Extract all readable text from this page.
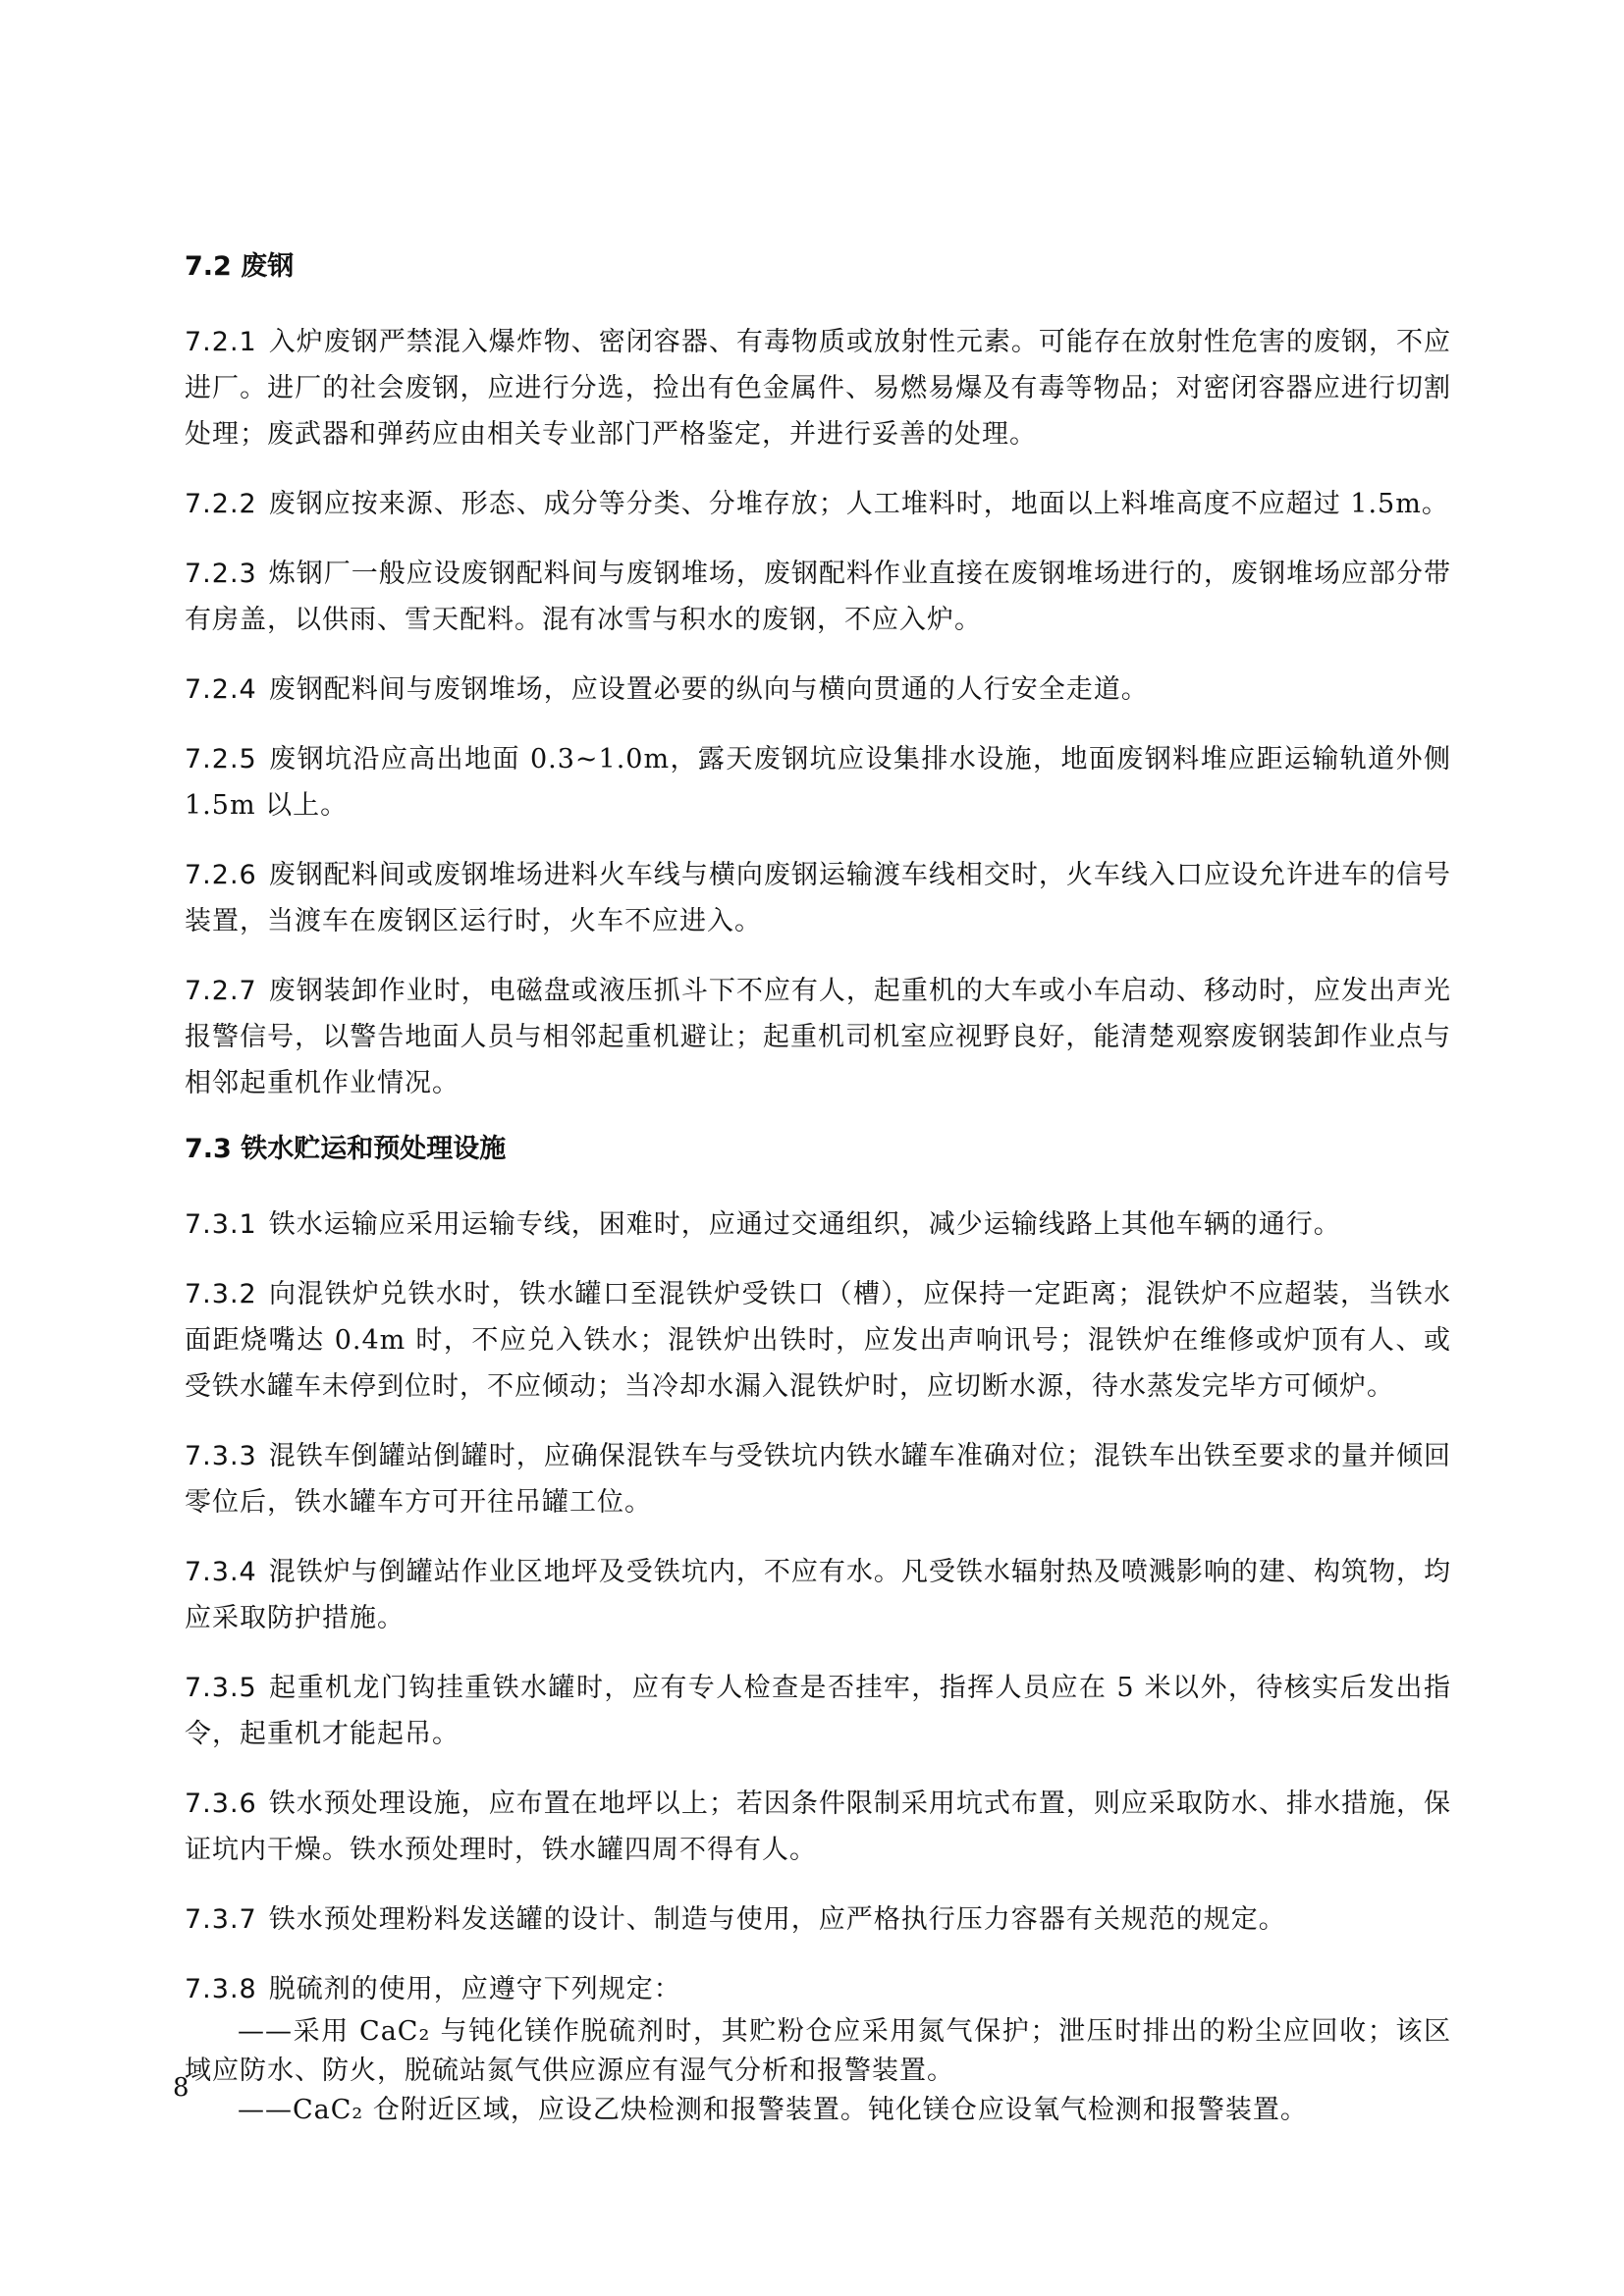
7.2 废钢

7.2.1 入炉废钢严禁混入爆炸物、密闭容器、有毒物质或放射性元素。可能存在放射性危害的废钢，不应进厂。进厂的社会废钢，应进行分选，捡出有色金属件、易燃易爆及有毒等物品；对密闭容器应进行切割处理；废武器和弹药应由相关专业部门严格鉴定，并进行妥善的处理。

7.2.2 废钢应按来源、形态、成分等分类、分堆存放；人工堆料时，地面以上料堆高度不应超过 1.5m。

7.2.3 炼钢厂一般应设废钢配料间与废钢堆场，废钢配料作业直接在废钢堆场进行的，废钢堆场应部分带有房盖，以供雨、雪天配料。混有冰雪与积水的废钢，不应入炉。

7.2.4 废钢配料间与废钢堆场，应设置必要的纵向与横向贯通的人行安全走道。

7.2.5 废钢坑沿应高出地面 0.3~1.0m，露天废钢坑应设集排水设施，地面废钢料堆应距运输轨道外侧 1.5m 以上。

7.2.6 废钢配料间或废钢堆场进料火车线与横向废钢运输渡车线相交时，火车线入口应设允许进车的信号装置，当渡车在废钢区运行时，火车不应进入。

7.2.7 废钢装卸作业时，电磁盘或液压抓斗下不应有人，起重机的大车或小车启动、移动时，应发出声光报警信号，以警告地面人员与相邻起重机避让；起重机司机室应视野良好，能清楚观察废钢装卸作业点与相邻起重机作业情况。

7.3 铁水贮运和预处理设施

7.3.1 铁水运输应采用运输专线，困难时，应通过交通组织，减少运输线路上其他车辆的通行。

7.3.2 向混铁炉兑铁水时，铁水罐口至混铁炉受铁口（槽），应保持一定距离；混铁炉不应超装，当铁水面距烧嘴达 0.4m 时，不应兑入铁水；混铁炉出铁时，应发出声响讯号；混铁炉在维修或炉顶有人、或受铁水罐车未停到位时，不应倾动；当冷却水漏入混铁炉时，应切断水源，待水蒸发完毕方可倾炉。

7.3.3 混铁车倒罐站倒罐时，应确保混铁车与受铁坑内铁水罐车准确对位；混铁车出铁至要求的量并倾回零位后，铁水罐车方可开往吊罐工位。

7.3.4 混铁炉与倒罐站作业区地坪及受铁坑内，不应有水。凡受铁水辐射热及喷溅影响的建、构筑物，均应采取防护措施。

7.3.5 起重机龙门钩挂重铁水罐时，应有专人检查是否挂牢，指挥人员应在 5 米以外，待核实后发出指令，起重机才能起吊。

7.3.6 铁水预处理设施，应布置在地坪以上；若因条件限制采用坑式布置，则应采取防水、排水措施，保证坑内干燥。铁水预处理时，铁水罐四周不得有人。

7.3.7 铁水预处理粉料发送罐的设计、制造与使用，应严格执行压力容器有关规范的规定。

7.3.8 脱硫剂的使用，应遵守下列规定：

——采用 CaC₂ 与钝化镁作脱硫剂时，其贮粉仓应采用氮气保护；泄压时排出的粉尘应回收；该区域应防水、防火，脱硫站氮气供应源应有湿气分析和报警装置。

——CaC₂ 仓附近区域，应设乙炔检测和报警装置。钝化镁仓应设氧气检测和报警装置。

8
